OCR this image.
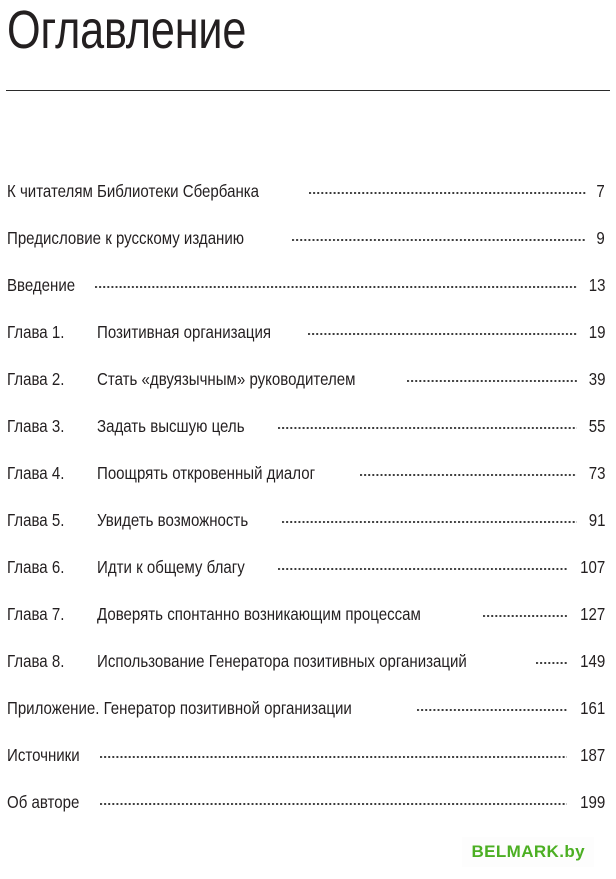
Оглавление
К читателям Библиотеки Сбербанка	7
Предисловие к русскому изданию	9
Введение	13
Глава 1.	Позитивная организация	19
Глава 2.	Стать «двуязычным» руководителем	39
Глава 3.	Задать высшую цель	55
Глава 4.	Поощрять откровенный диалог	73
Глава 5.	Увидеть возможность	91
Глава 6.	Идти к общему благу	107
Глава 7.	Доверять спонтанно возникающим процессам	127
Глава 8.	Использование Генератора позитивных организаций	149
Приложение. Генератор позитивной организации	161
Источники	187
Об авторе	199
BELMARK.by
